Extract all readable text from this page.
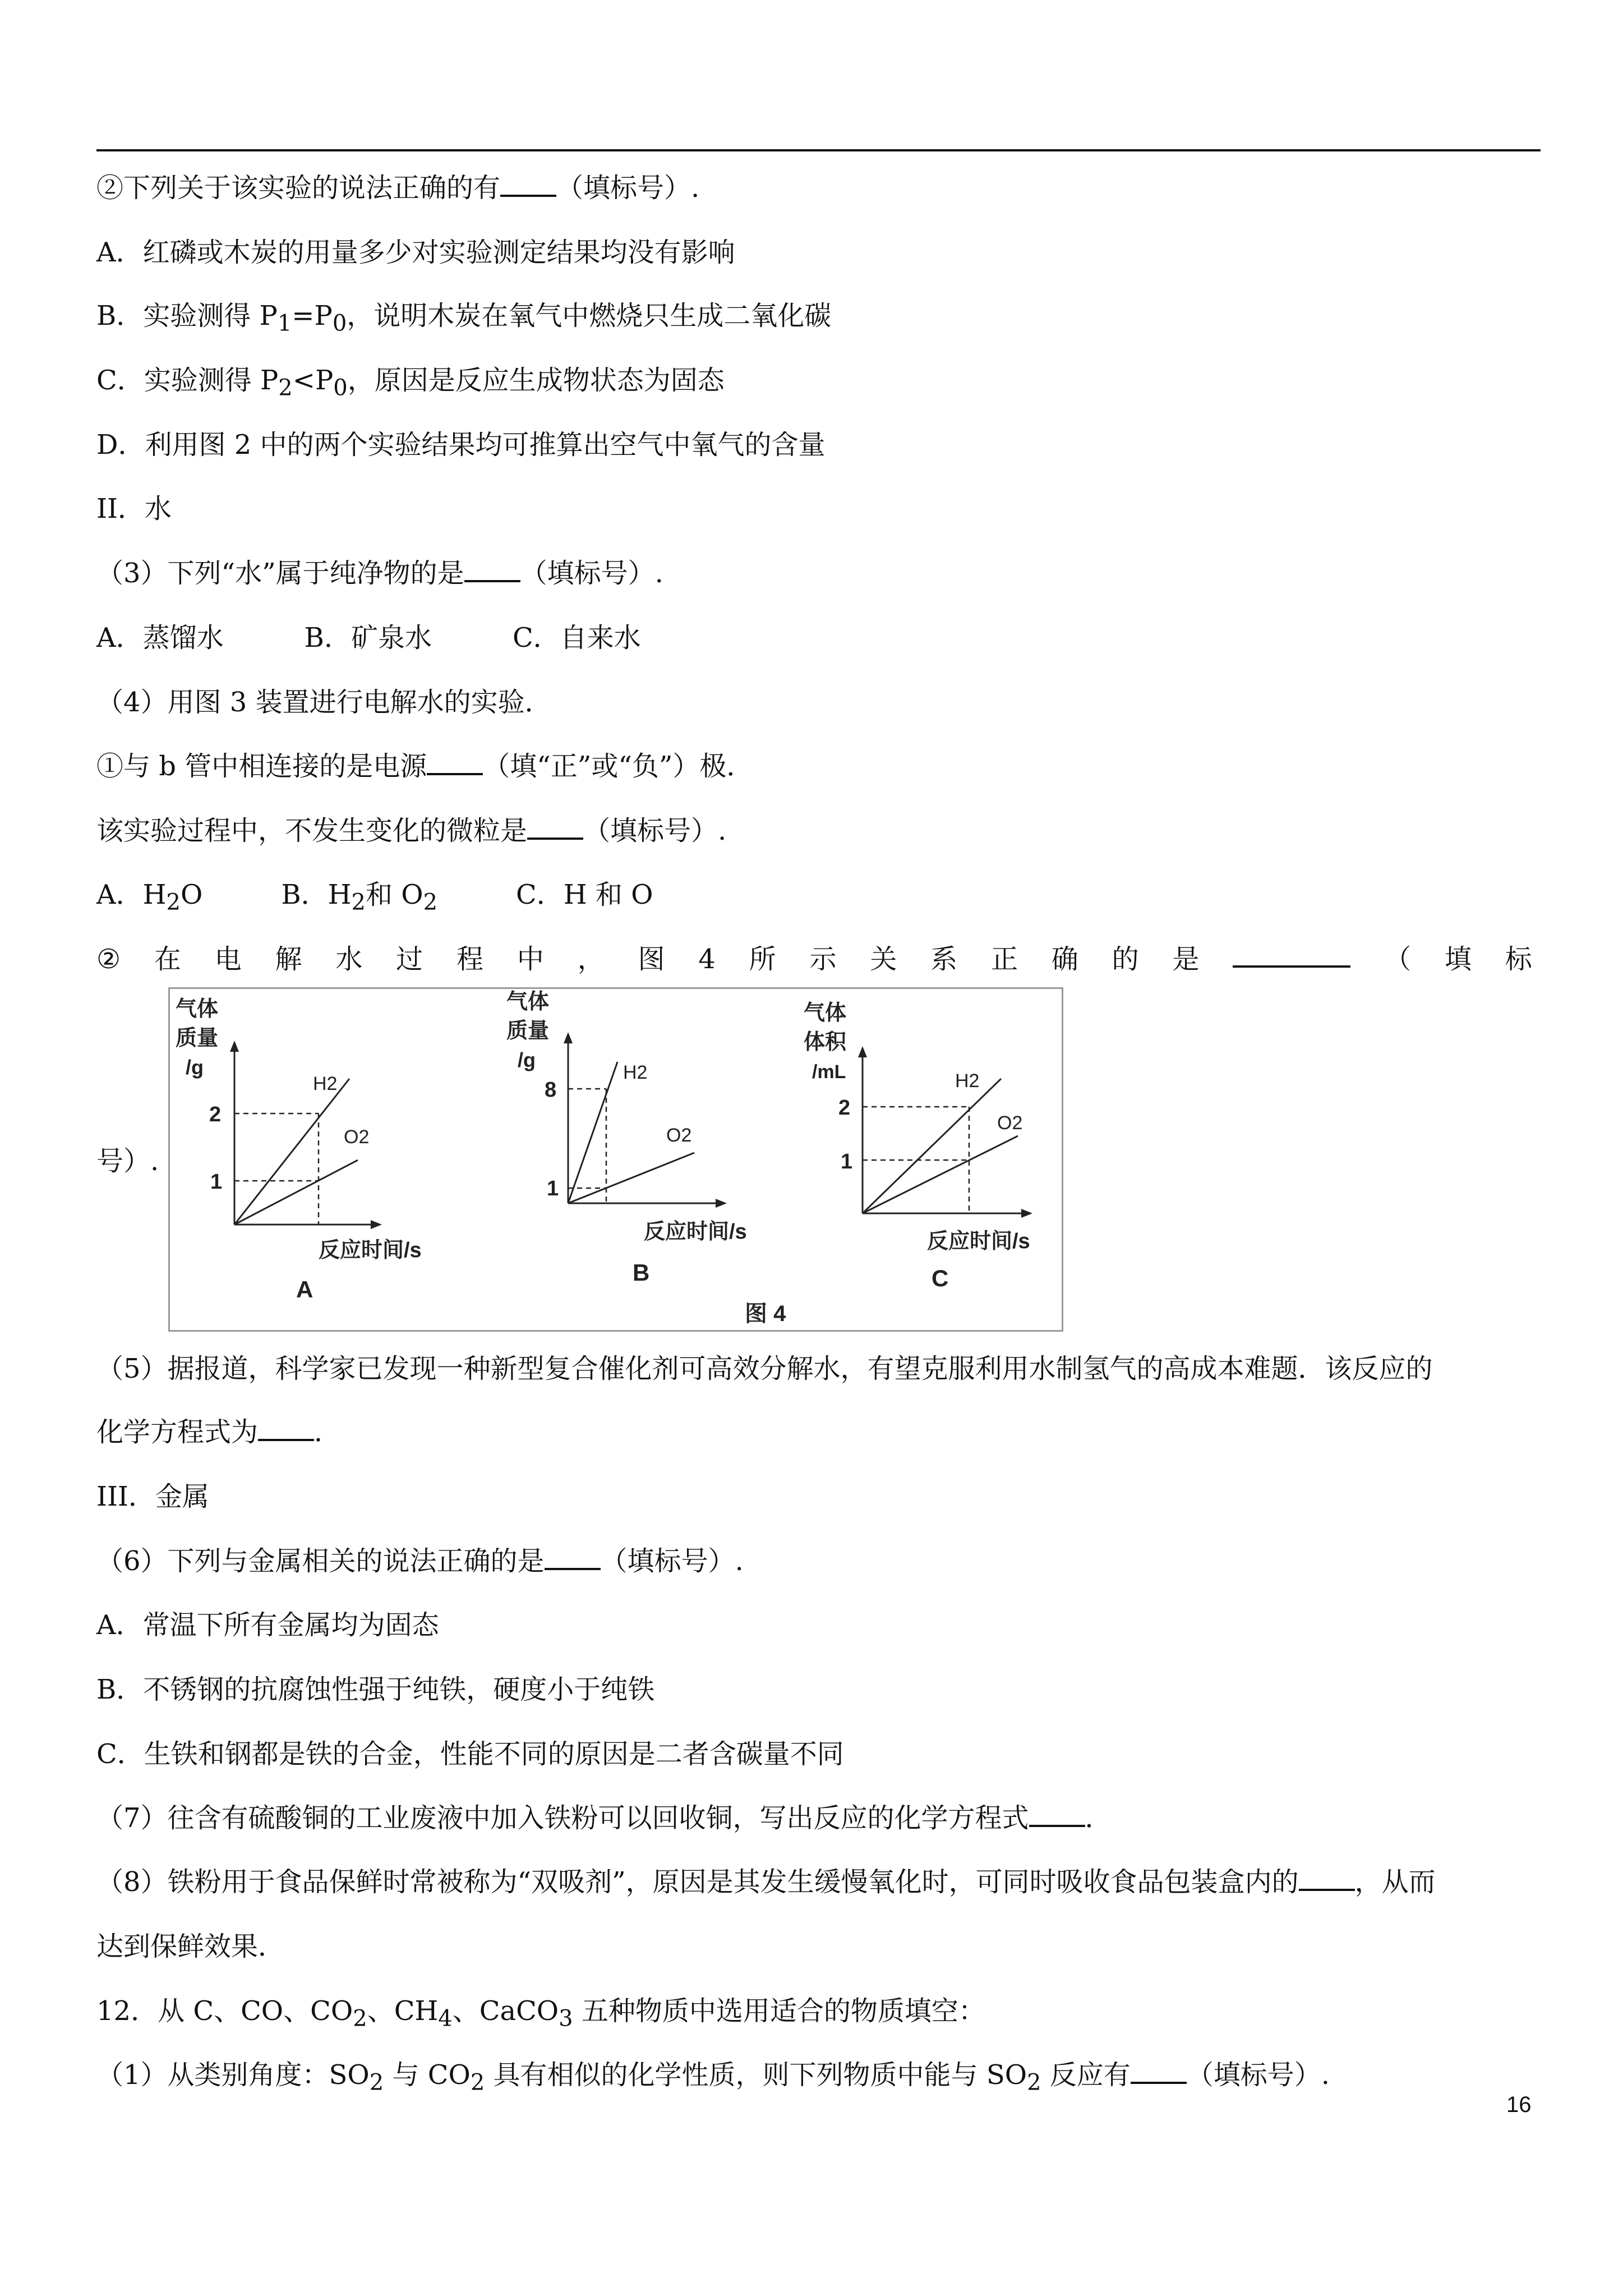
②下列关于该实验的说法正确的有 （填标号）.
A．红磷或木炭的用量多少对实验测定结果均没有影响
B．实验测得 $P_1=P_0$，说明木炭在氧气中燃烧只生成二氧化碳
C．实验测得 $P_2<P_0$，原因是反应生成物状态为固态
D．利用图 2 中的两个实验结果均可推算出空气中氧气的含量
II．水
（3）下列“水”属于纯净物的是 （填标号）.
A．蒸馏水　　　B．矿泉水　　　C．自来水
（4）用图 3 装置进行电解水的实验．
①与 b 管中相连接的是电源 （填“正”或“负”）极．
该实验过程中，不发生变化的微粒是 （填标号）.
A．$H_2O$	B．$H_2$和 $O_2$	C．H 和 O
② 在 电 解 水 过 程 中 ， 图 4 所 示 关 系 正 确 的 是	（ 填 标
气体
质量
/g
2
1
H2
O2
反应时间/s
A
气体
质量
/g
8
1
H2
O2
反应时间/s
B
图 4
气体
体积
/mL
2
1
H2
O2
反应时间/s
C
号）.
（5）据报道，科学家已发现一种新型复合催化剂可高效分解水，有望克服利用水制氢气的高成本难题．该反应的
化学方程式为 ．
III．金属
（6）下列与金属相关的说法正确的是 （填标号）.
A．常温下所有金属均为固态
B．不锈钢的抗腐蚀性强于纯铁，硬度小于纯铁
C．生铁和钢都是铁的合金，性能不同的原因是二者含碳量不同
（7）往含有硫酸铜的工业废液中加入铁粉可以回收铜，写出反应的化学方程式 ．
（8）铁粉用于食品保鲜时常被称为“双吸剂”，原因是其发生缓慢氧化时，可同时吸收食品包装盒内的 ，从而
达到保鲜效果．
12．从 C、CO、$CO_2$、$CH_4$、CaCO$_3$ 五种物质中选用适合的物质填空：
（1）从类别角度：$SO_2$ 与 $CO_2$ 具有相似的化学性质，则下列物质中能与 $SO_2$ 反应有 （填标号）.
16
